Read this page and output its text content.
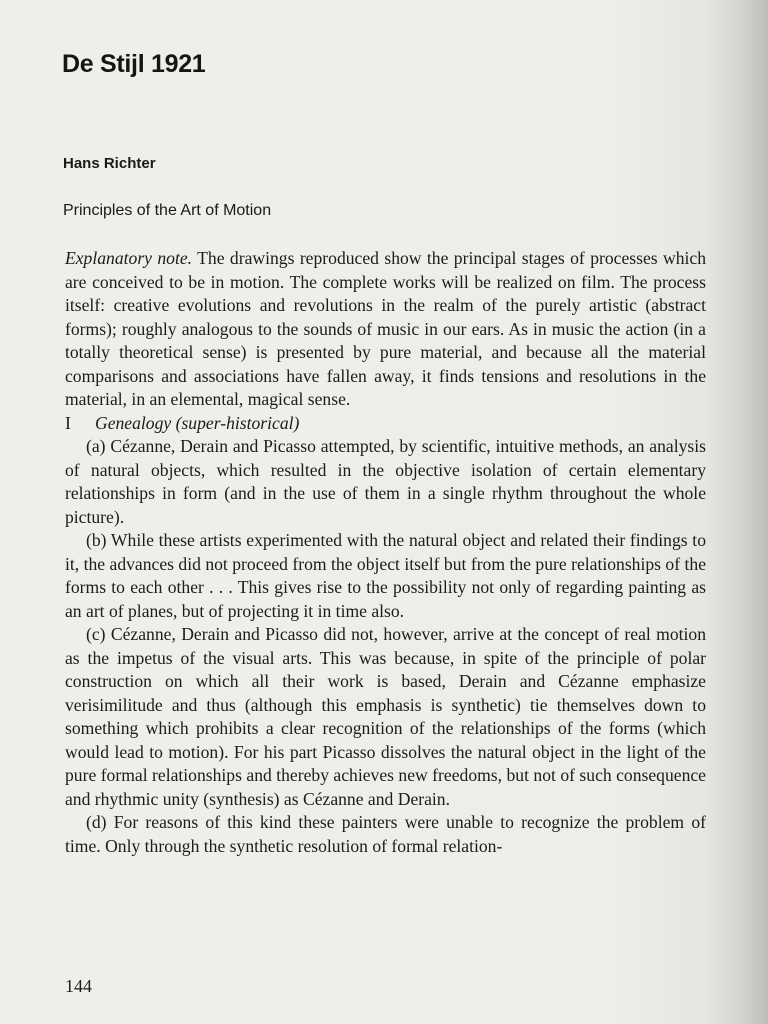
De Stijl 1921
Hans Richter
Principles of the Art of Motion

Explanatory note. The drawings reproduced show the principal stages of processes which are conceived to be in motion. The complete works will be realized on film. The process itself: creative evolutions and revolutions in the realm of the purely artistic (abstract forms); roughly analogous to the sounds of music in our ears. As in music the action (in a totally theoretical sense) is presented by pure material, and because all the material comparisons and associations have fallen away, it finds tensions and resolutions in the material, in an elemental, magical sense.

I Genealogy (super-historical)

(a) Cézanne, Derain and Picasso attempted, by scientific, intuitive methods, an analysis of natural objects, which resulted in the objective isolation of certain elementary relationships in form (and in the use of them in a single rhythm throughout the whole picture).

(b) While these artists experimented with the natural object and related their findings to it, the advances did not proceed from the object itself but from the pure relationships of the forms to each other . . . This gives rise to the possibility not only of regarding painting as an art of planes, but of projecting it in time also.

(c) Cézanne, Derain and Picasso did not, however, arrive at the concept of real motion as the impetus of the visual arts. This was because, in spite of the principle of polar construction on which all their work is based, Derain and Cézanne emphasize verisimilitude and thus (although this emphasis is synthetic) tie themselves down to something which prohibits a clear recognition of the relationships of the forms (which would lead to motion). For his part Picasso dissolves the natural object in the light of the pure formal relationships and thereby achieves new freedoms, but not of such consequence and rhythmic unity (synthesis) as Cézanne and Derain.

(d) For reasons of this kind these painters were unable to recognize the problem of time. Only through the synthetic resolution of formal relation-

144
